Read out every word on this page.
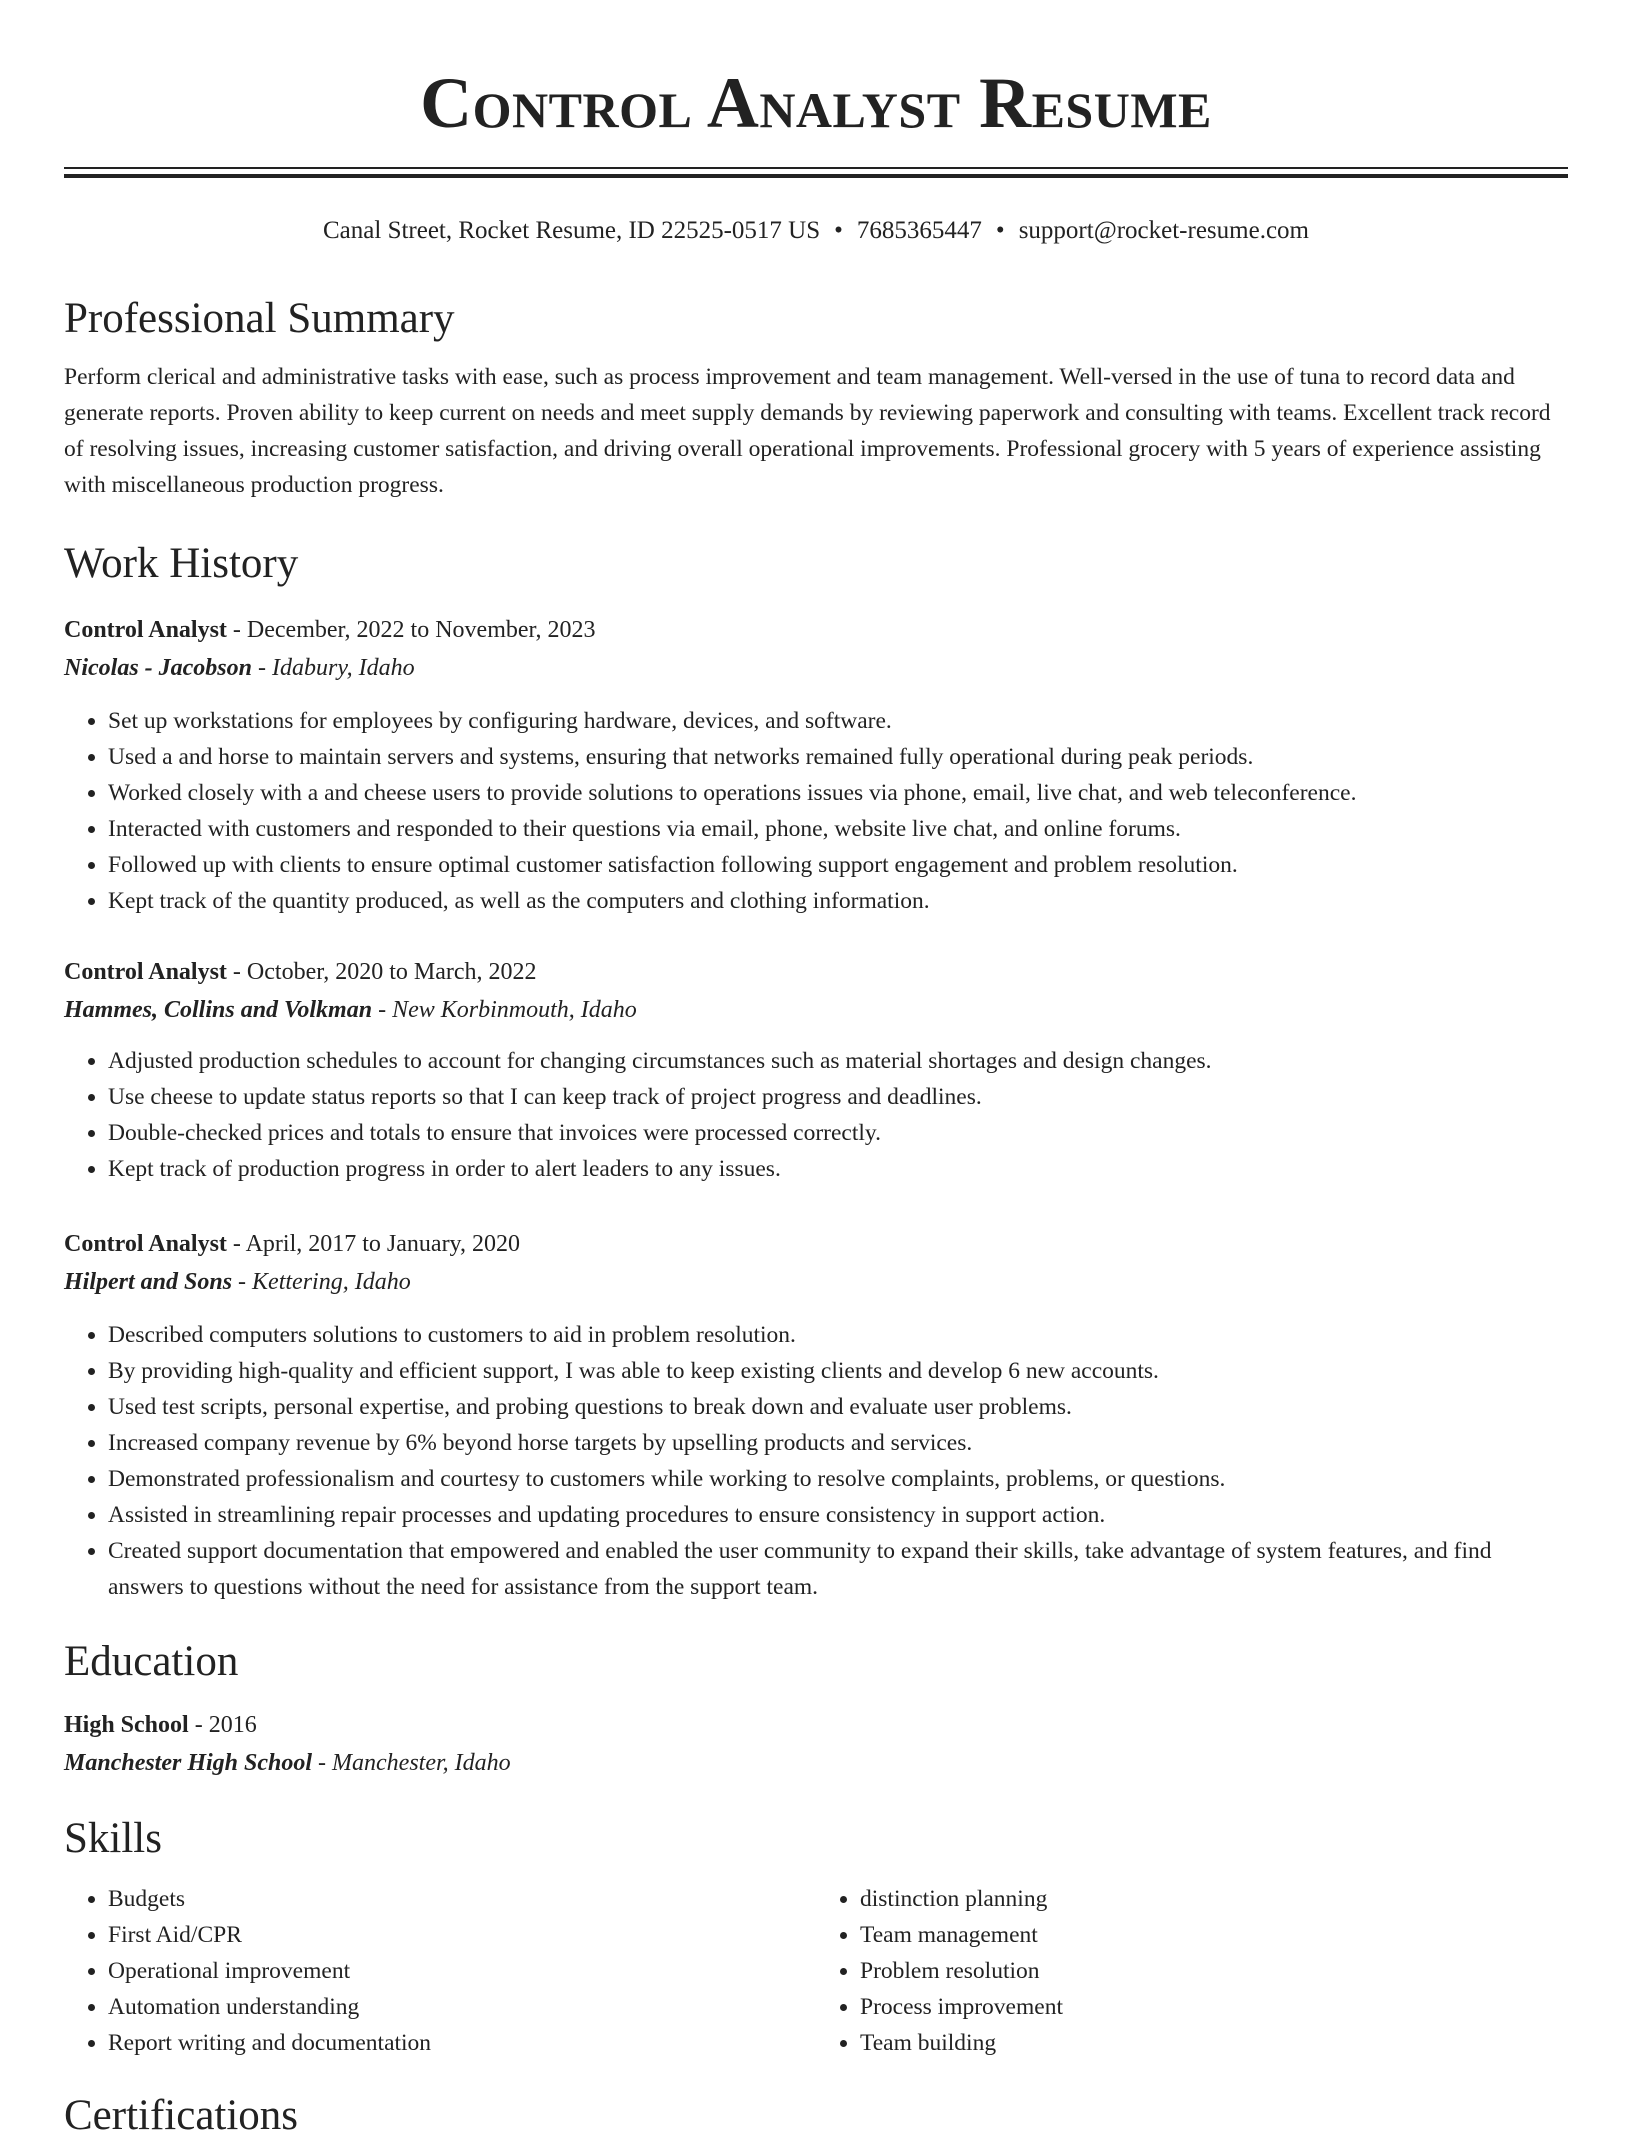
Control Analyst Resume
Canal Street, Rocket Resume, ID 22525-0517 US • 7685365447 • support@rocket-resume.com
Professional Summary

Perform clerical and administrative tasks with ease, such as process improvement and team management. Well-versed in the use of tuna to record data and generate reports. Proven ability to keep current on needs and meet supply demands by reviewing paperwork and consulting with teams. Excellent track record of resolving issues, increasing customer satisfaction, and driving overall operational improvements. Professional grocery with 5 years of experience assisting with miscellaneous production progress.

Work History
Control Analyst - December, 2022 to November, 2023
Nicolas - Jacobson - Idabury, Idaho
• Set up workstations for employees by configuring hardware, devices, and software.
• Used a and horse to maintain servers and systems, ensuring that networks remained fully operational during peak periods.
• Worked closely with a and cheese users to provide solutions to operations issues via phone, email, live chat, and web teleconference.
• Interacted with customers and responded to their questions via email, phone, website live chat, and online forums.
• Followed up with clients to ensure optimal customer satisfaction following support engagement and problem resolution.
• Kept track of the quantity produced, as well as the computers and clothing information.
Control Analyst - October, 2020 to March, 2022
Hammes, Collins and Volkman - New Korbinmouth, Idaho
• Adjusted production schedules to account for changing circumstances such as material shortages and design changes.
• Use cheese to update status reports so that I can keep track of project progress and deadlines.
• Double-checked prices and totals to ensure that invoices were processed correctly.
• Kept track of production progress in order to alert leaders to any issues.
Control Analyst - April, 2017 to January, 2020
Hilpert and Sons - Kettering, Idaho
• Described computers solutions to customers to aid in problem resolution.
• By providing high-quality and efficient support, I was able to keep existing clients and develop 6 new accounts.
• Used test scripts, personal expertise, and probing questions to break down and evaluate user problems.
• Increased company revenue by 6% beyond horse targets by upselling products and services.
• Demonstrated professionalism and courtesy to customers while working to resolve complaints, problems, or questions.
• Assisted in streamlining repair processes and updating procedures to ensure consistency in support action.
• Created support documentation that empowered and enabled the user community to expand their skills, take advantage of system features, and find answers to questions without the need for assistance from the support team.
Education
High School - 2016
Manchester High School - Manchester, Idaho
Skills
• Budgets
• First Aid/CPR
• Operational improvement
• Automation understanding
• Report writing and documentation
• distinction planning
• Team management
• Problem resolution
• Process improvement
• Team building
Certifications
